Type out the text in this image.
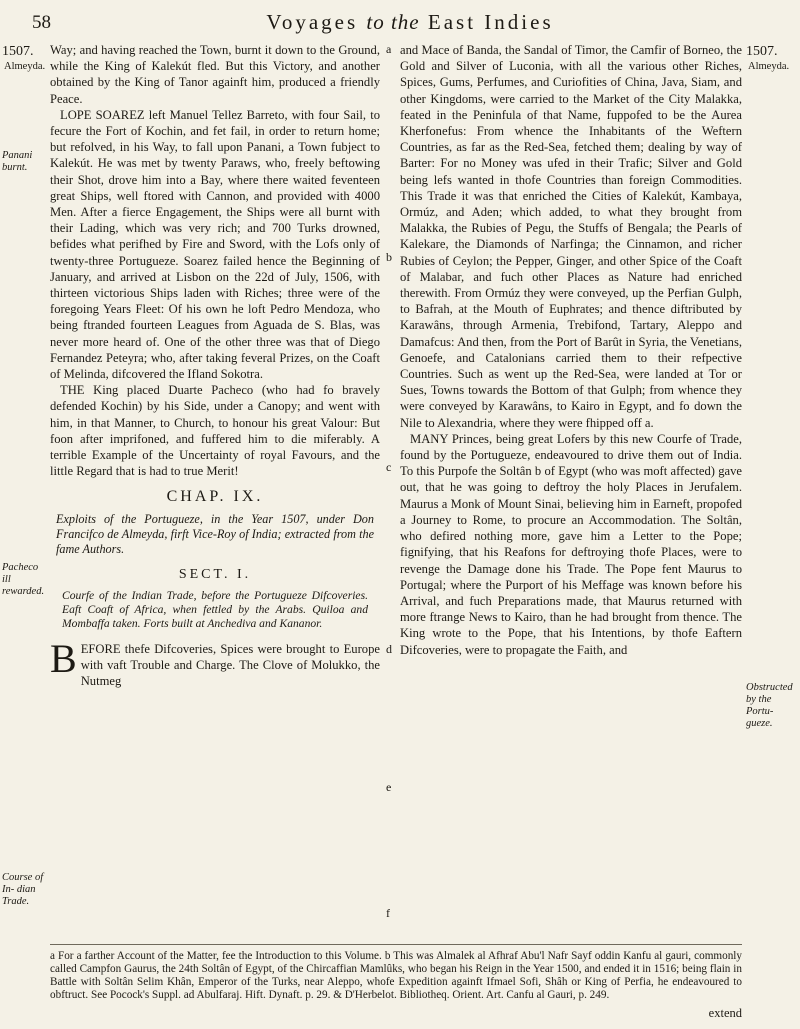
58	Voyages to the East Indies
1507.
Almeyda.
1507.
Almeyda.
Panani burnt.
Pacheco ill rewarded.
Course of In- dian Trade.
Obstructed by the Portu- gueze.
a
b
c
d
e
f

Way; and having reached the Town, burnt it down to the Ground, while the King of Kalekút fled. But this Victory, and another obtained by the King of Tanor againft him, produced a friendly Peace.

LOPE SOAREZ left Manuel Tellez Barreto, with four Sail, to fecure the Fort of Kochin, and fet fail, in order to return home; but refolved, in his Way, to fall upon Panani, a Town fubject to Kalekút. He was met by twenty Paraws, who, freely beftowing their Shot, drove him into a Bay, where there waited feventeen great Ships, well ftored with Cannon, and provided with 4000 Men. After a fierce Engagement, the Ships were all burnt with their Lading, which was very rich; and 700 Turks drowned, befides what perifhed by Fire and Sword, with the Lofs only of twenty-three Portugueze. Soarez failed hence the Beginning of January, and arrived at Lisbon on the 22d of July, 1506, with thirteen victorious Ships laden with Riches; three were of the foregoing Years Fleet: Of his own he loft Pedro Mendoza, who being ftranded fourteen Leagues from Aguada de S. Blas, was never more heard of. One of the other three was that of Diego Fernandez Peteyra; who, after taking feveral Prizes, on the Coaft of Melinda, difcovered the Ifland Sokotra.

THE King placed Duarte Pacheco (who had fo bravely defended Kochin) by his Side, under a Canopy; and went with him, in that Manner, to Church, to honour his great Valour: But foon after imprifoned, and fuffered him to die miferably. A terrible Example of the Uncertainty of royal Favours, and the little Regard that is had to true Merit!

CHAP. IX.
Exploits of the Portugueze, in the Year 1507, under Don Francifco de Almeyda, firft Vice-Roy of India; extracted from the fame Authors.
SECT. I.
Courfe of the Indian Trade, before the Portugueze Difcoveries. Eaft Coaft of Africa, when fettled by the Arabs. Quiloa and Mombaffa taken. Forts built at Anchediva and Kananor.

BEFORE thefe Difcoveries, Spices were brought to Europe with vaft Trouble and Charge. The Clove of Molukko, the Nutmeg

and Mace of Banda, the Sandal of Timor, the Camfir of Borneo, the Gold and Silver of Luconia, with all the various other Riches, Spices, Gums, Perfumes, and Curiofities of China, Java, Siam, and other Kingdoms, were carried to the Market of the City Malakka, feated in the Peninfula of that Name, fuppofed to be the Aurea Kherfonefus: From whence the Inhabitants of the Weftern Countries, as far as the Red-Sea, fetched them; dealing by way of Barter: For no Money was ufed in their Trafic; Silver and Gold being lefs wanted in thofe Countries than foreign Commodities. This Trade it was that enriched the Cities of Kalekút, Kambaya, Ormúz, and Aden; which added, to what they brought from Malakka, the Rubies of Pegu, the Stuffs of Bengala; the Pearls of Kalekare, the Diamonds of Narfinga; the Cinnamon, and richer Rubies of Ceylon; the Pepper, Ginger, and other Spice of the Coaft of Malabar, and fuch other Places as Nature had enriched therewith. From Ormúz they were conveyed, up the Perfian Gulph, to Bafrah, at the Mouth of Euphrates; and thence diftributed by Karawâns, through Armenia, Trebifond, Tartary, Aleppo and Damafcus: And then, from the Port of Barût in Syria, the Venetians, Genoefe, and Catalonians carried them to their refpective Countries. Such as went up the Red-Sea, were landed at Tor or Sues, Towns towards the Bottom of that Gulph; from whence they were conveyed by Karawâns, to Kairo in Egypt, and fo down the Nile to Alexandria, where they were fhipped off a.

MANY Princes, being great Lofers by this new Courfe of Trade, found by the Portugueze, endeavoured to drive them out of India. To this Purpofe the Soltân b of Egypt (who was moft affected) gave out, that he was going to deftroy the holy Places in Jerufalem. Maurus a Monk of Mount Sinai, believing him in Earneft, propofed a Journey to Rome, to procure an Accommodation. The Soltân, who defired nothing more, gave him a Letter to the Pope; fignifying, that his Reafons for deftroying thofe Places, were to revenge the Damage done his Trade. The Pope fent Maurus to Portugal; where the Purport of his Meffage was known before his Arrival, and fuch Preparations made, that Maurus returned with more ftrange News to Kairo, than he had brought from thence. The King wrote to the Pope, that his Intentions, by thofe Eaftern Difcoveries, were to propagate the Faith, and

a For a farther Account of the Matter, fee the Introduction to this Volume. b This was Almalek al Afhraf Abu'l Nafr Sayf oddin Kanfu al gauri, commonly called Campfon Gaurus, the 24th Soltân of Egypt, of the Chircaffian Mamlûks, who began his Reign in the Year 1500, and ended it in 1516; being flain in Battle with Soltân Selim Khân, Emperor of the Turks, near Aleppo, whofe Expedition againft Ifmael Sofi, Shâh or King of Perfia, he endeavoured to obftruct. See Pocock's Suppl. ad Abulfaraj. Hift. Dynaft. p. 29. & D'Herbelot. Bibliotheq. Orient. Art. Canfu al Gauri, p. 249.
extend
